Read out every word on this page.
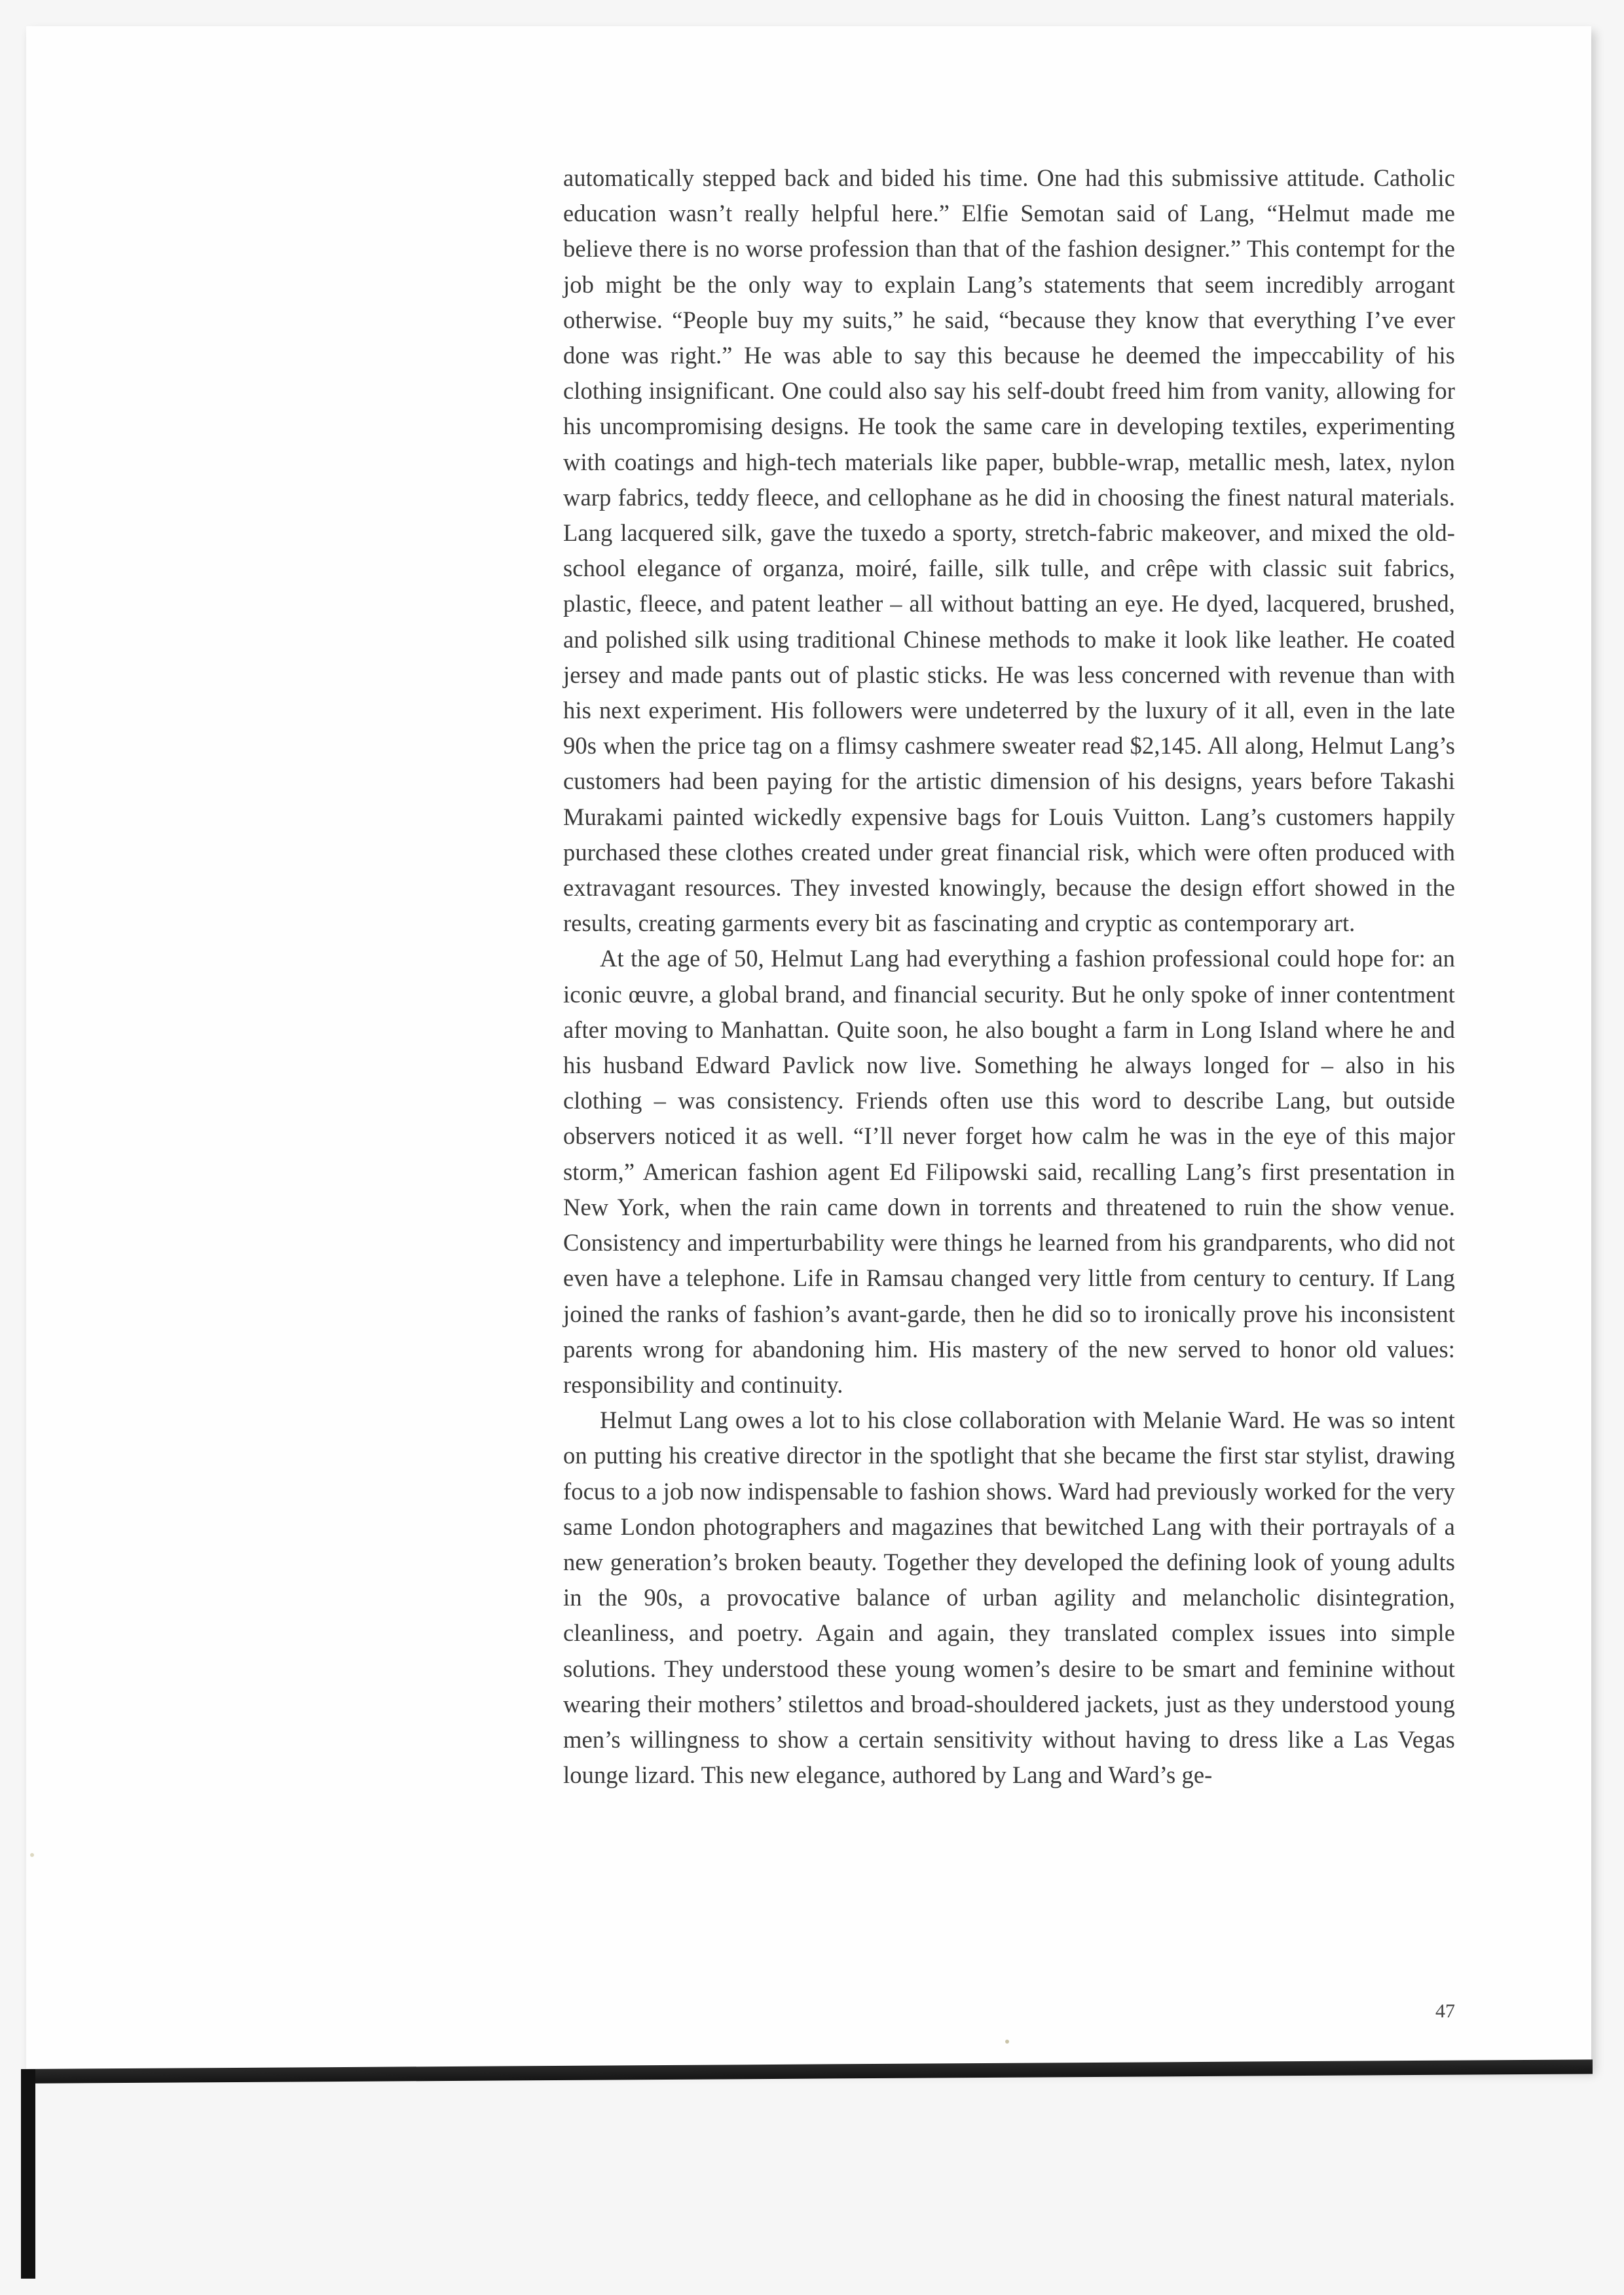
automatically stepped back and bided his time. One had this submissive attitude. Catholic education wasn’t really helpful here.” Elfie Semotan said of Lang, “Helmut made me believe there is no worse profession than that of the fashion designer.” This contempt for the job might be the only way to explain Lang’s statements that seem incredibly arrogant otherwise. “People buy my suits,” he said, “because they know that everything I’ve ever done was right.” He was able to say this because he deemed the impeccability of his clothing insignificant. One could also say his self-doubt freed him from vanity, allowing for his uncompromising designs. He took the same care in developing textiles, experimenting with coatings and high-tech materials like paper, bubble-wrap, metallic mesh, latex, nylon warp fabrics, teddy fleece, and cellophane as he did in choosing the finest natural materials. Lang lacquered silk, gave the tuxedo a sporty, stretch-fabric makeover, and mixed the old-school elegance of organza, moiré, faille, silk tulle, and crêpe with classic suit fabrics, plastic, fleece, and patent leather – all without batting an eye. He dyed, lacquered, brushed, and polished silk using traditional Chinese methods to make it look like leather. He coated jersey and made pants out of plastic sticks. He was less concerned with revenue than with his next experiment. His followers were undeterred by the luxury of it all, even in the late 90s when the price tag on a flimsy cashmere sweater read $2,145. All along, Helmut Lang’s customers had been paying for the artistic dimension of his designs, years before Takashi Murakami painted wickedly expensive bags for Louis Vuitton. Lang’s customers happily purchased these clothes created under great financial risk, which were often produced with extravagant resources. They invested knowingly, because the design effort showed in the results, creating garments every bit as fascinating and cryptic as contemporary art.

At the age of 50, Helmut Lang had everything a fashion professional could hope for: an iconic œuvre, a global brand, and financial security. But he only spoke of inner contentment after moving to Manhattan. Quite soon, he also bought a farm in Long Island where he and his husband Edward Pavlick now live. Something he always longed for – also in his clothing – was consistency. Friends often use this word to describe Lang, but outside observers noticed it as well. “I’ll never forget how calm he was in the eye of this major storm,” American fashion agent Ed Filipowski said, recalling Lang’s first presentation in New York, when the rain came down in torrents and threatened to ruin the show venue. Consistency and imperturbability were things he learned from his grandparents, who did not even have a telephone. Life in Ramsau changed very little from century to century. If Lang joined the ranks of fashion’s avant-garde, then he did so to ironically prove his inconsistent parents wrong for abandoning him. His mastery of the new served to honor old values: responsibility and continuity.

Helmut Lang owes a lot to his close collaboration with Melanie Ward. He was so intent on putting his creative director in the spotlight that she became the first star stylist, drawing focus to a job now indispensable to fashion shows. Ward had previously worked for the very same London photographers and magazines that bewitched Lang with their portrayals of a new generation’s broken beauty. Together they developed the defining look of young adults in the 90s, a provocative balance of urban agility and melancholic disintegration, cleanliness, and poetry. Again and again, they translated complex issues into simple solutions. They understood these young women’s desire to be smart and feminine without wearing their mothers’ stilettos and broad-shouldered jackets, just as they understood young men’s willingness to show a certain sensitivity without having to dress like a Las Vegas lounge lizard. This new elegance, authored by Lang and Ward’s ge-

47
